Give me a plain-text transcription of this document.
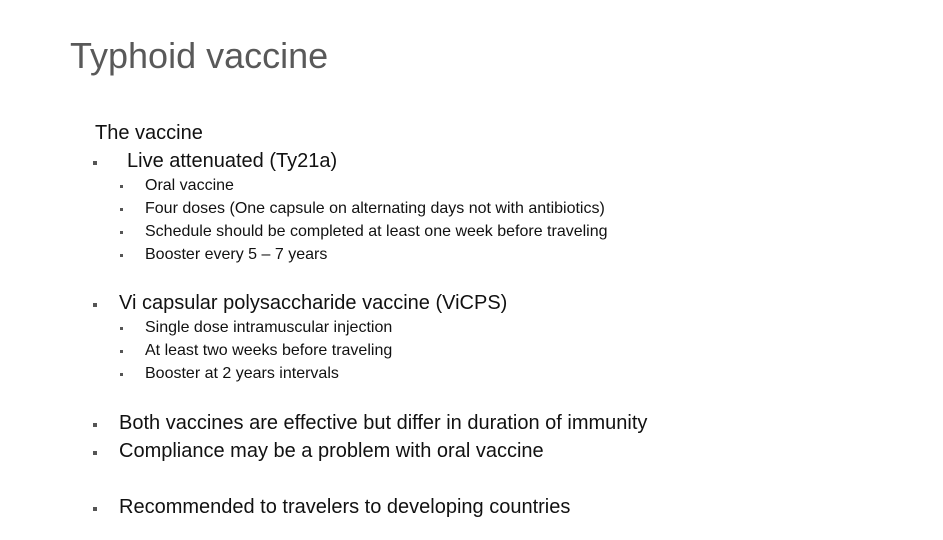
Typhoid vaccine
The vaccine
Live attenuated (Ty21a)
Oral vaccine
Four doses (One capsule on alternating days not with antibiotics)
Schedule should be completed at least one week before traveling
Booster every 5 – 7 years
Vi capsular polysaccharide vaccine (ViCPS)
Single dose intramuscular injection
At least two weeks before traveling
Booster at 2 years intervals
Both vaccines are effective but differ in duration of immunity
Compliance may be a problem with oral vaccine
Recommended to travelers to developing countries
